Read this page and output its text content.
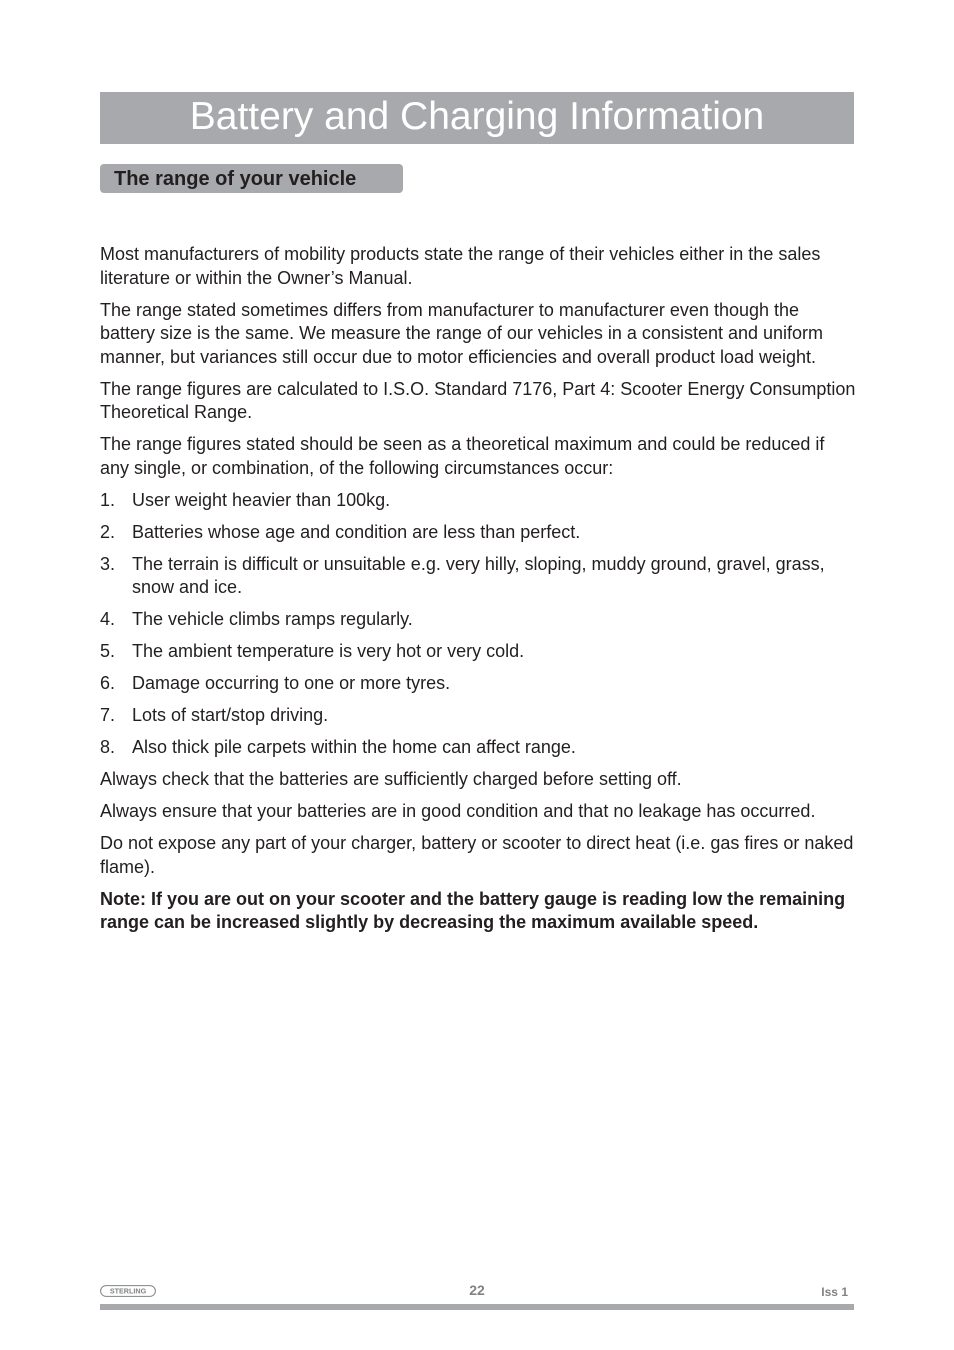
Battery and Charging Information
The range of your vehicle

Most manufacturers of mobility products state the range of their vehicles either in the sales literature or within the Owner’s Manual.

The range stated sometimes differs from manufacturer to manufacturer even though the battery size is the same. We measure the range of our vehicles in a consistent and uniform manner, but variances still occur due to motor efficiencies and overall product load weight.

The range figures are calculated to I.S.O. Standard 7176, Part 4: Scooter Energy Consumption Theoretical Range.

The range figures stated should be seen as a theoretical maximum and could be reduced if any single, or combination, of the following circumstances occur:

1. User weight heavier than 100kg.
2. Batteries whose age and condition are less than perfect.
3. The terrain is difficult or unsuitable e.g. very hilly, sloping, muddy ground, gravel, grass, snow and ice.
4. The vehicle climbs ramps regularly.
5. The ambient temperature is very hot or very cold.
6. Damage occurring to one or more tyres.
7. Lots of start/stop driving.
8. Also thick pile carpets within the home can affect range.

Always check that the batteries are sufficiently charged before setting off.

Always ensure that your batteries are in good condition and that no leakage has occurred.

Do not expose any part of your charger, battery or scooter to direct heat (i.e. gas fires or naked flame).

Note: If you are out on your scooter and the battery gauge is reading low the remaining range can be increased slightly by decreasing the maximum available speed.

STERLING	22	Iss 1
